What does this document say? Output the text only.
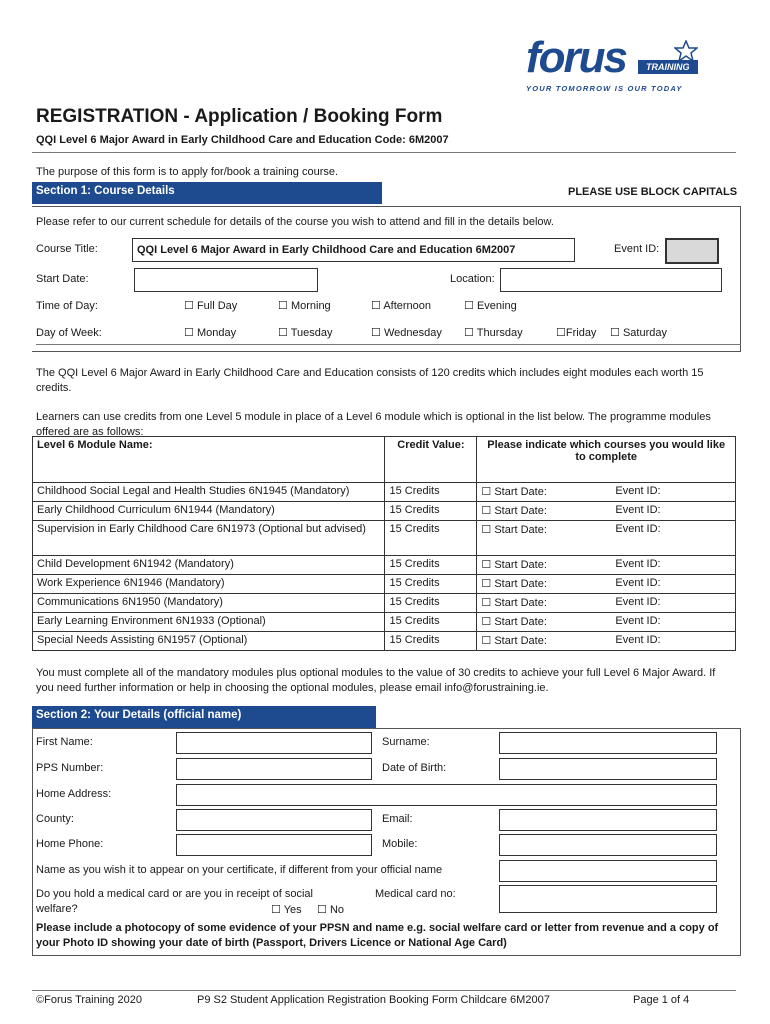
forus	TRAINING
YOUR TOMORROW IS OUR TODAY
REGISTRATION - Application / Booking Form
QQI Level 6 Major Award in Early Childhood Care and Education Code: 6M2007
The purpose of this form is to apply for/book a training course.
Section 1: Course Details	PLEASE USE BLOCK CAPITALS
Please refer to our current schedule for details of the course you wish to attend and fill in the details below.
Course Title:	QQI Level 6 Major Award in Early Childhood Care and Education 6M2007	Event ID:
Start Date:	Location:
Time of Day:	☐ Full Day	☐ Morning	☐ Afternoon	☐ Evening
Day of Week:	☐ Monday	☐ Tuesday	☐ Wednesday ☐ Thursday	☐Friday ☐ Saturday
The QQI Level 6 Major Award in Early Childhood Care and Education consists of 120 credits which includes eight modules each worth 15 credits.
Learners can use credits from one Level 5 module in place of a Level 6 module which is optional in the list below. The programme modules offered are as follows:
Level 6 Module Name:	Credit Value:	Please indicate which courses you would like to complete
Childhood Social Legal and Health Studies 6N1945 (Mandatory)	15 Credits	☐ Start Date: Event ID:

Early Childhood Curriculum 6N1944 (Mandatory)	15 Credits	☐ Start Date: Event ID:

Supervision in Early Childhood Care 6N1973 (Optional but advised)	15 Credits	☐ Start Date: Event ID:

Child Development 6N1942 (Mandatory)	15 Credits	☐ Start Date: Event ID:

Work Experience 6N1946 (Mandatory)	15 Credits	☐ Start Date: Event ID:

Communications 6N1950 (Mandatory)	15 Credits	☐ Start Date: Event ID:

Early Learning Environment 6N1933 (Optional)	15 Credits	☐ Start Date: Event ID:

Special Needs Assisting 6N1957 (Optional)	15 Credits	☐ Start Date: Event ID:
You must complete all of the mandatory modules plus optional modules to the value of 30 credits to achieve your full Level 6 Major Award. If you need further information or help in choosing the optional modules, please email info@forustraining.ie.
Section 2: Your Details (official name)
First Name:	Surname:
PPS Number:	Date of Birth:
Home Address:
County:	Email:
Home Phone:	Mobile:
Name as you wish it to appear on your certificate, if different from your official name
Do you hold a medical card or are you in receipt of social welfare?
Medical card no:
☐ Yes ☐ No
Please include a photocopy of some evidence of your PPSN and name e.g. social welfare card or letter from revenue and a copy of your Photo ID showing your date of birth (Passport, Drivers Licence or National Age Card)
©Forus Training 2020	P9 S2 Student Application Registration Booking Form Childcare 6M2007	Page 1 of 4
